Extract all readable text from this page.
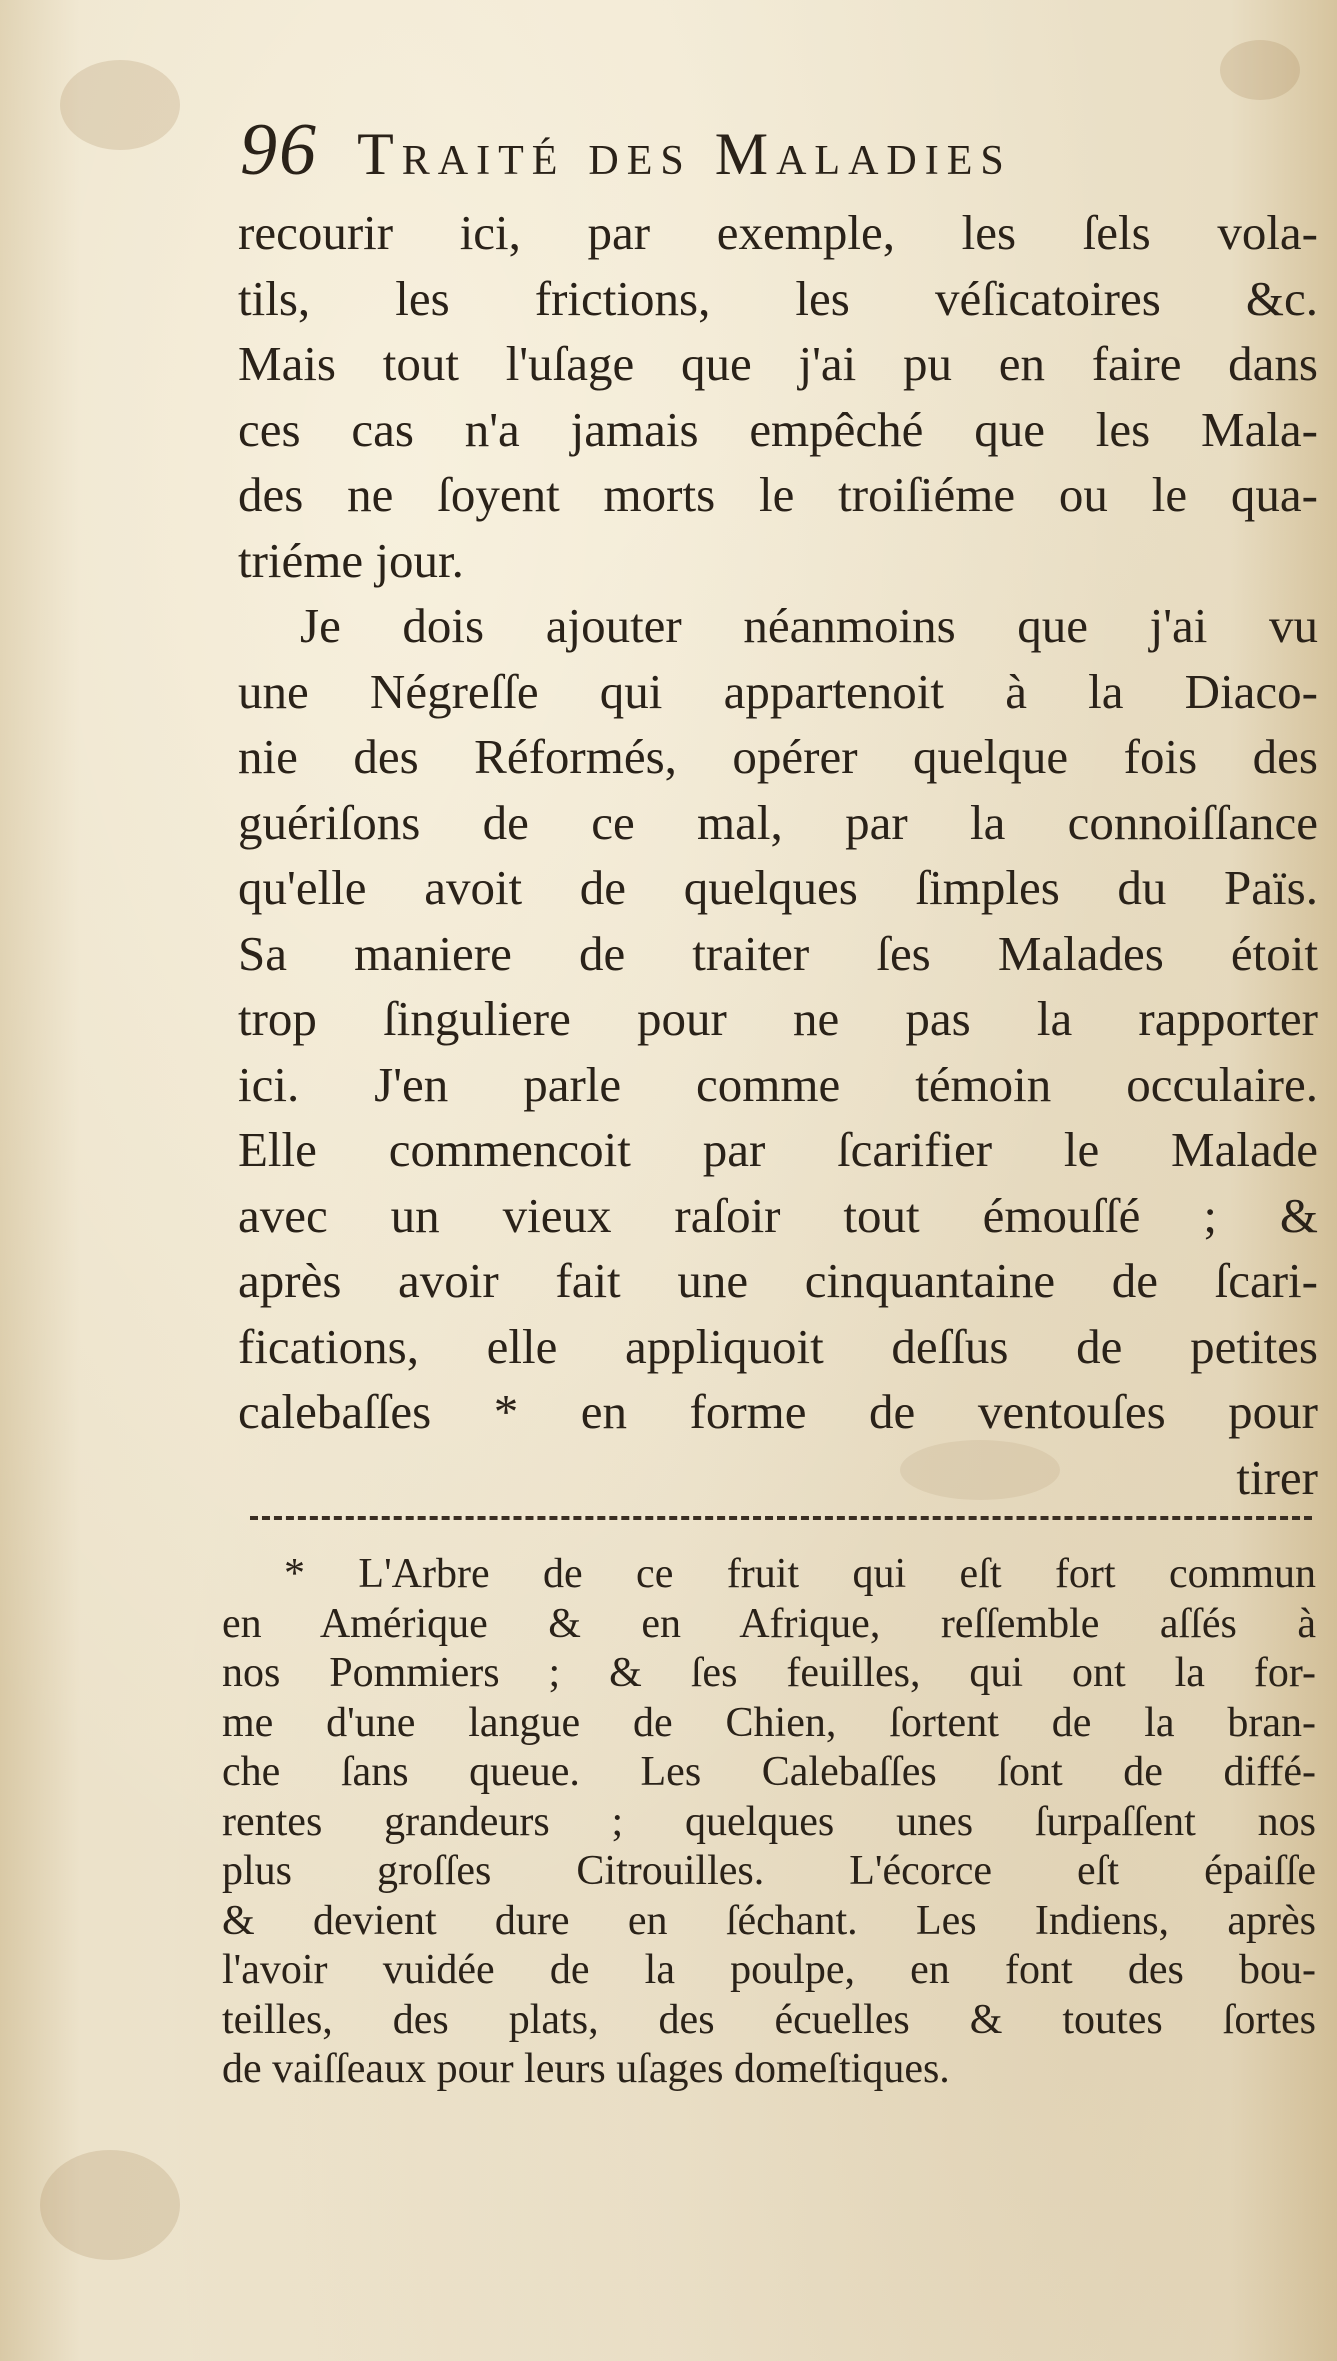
96 Traité des Maladies
recourir ici, par exemple, les ſels vola-
tils, les frictions, les véſicatoires &c.
Mais tout l'uſage que j'ai pu en faire dans
ces cas n'a jamais empêché que les Mala-
des ne ſoyent morts le troiſiéme ou le qua-
triéme jour.
Je dois ajouter néanmoins que j'ai vu
une Négreſſe qui appartenoit à la Diaco-
nie des Réformés, opérer quelque fois des
guériſons de ce mal, par la connoiſſance
qu'elle avoit de quelques ſimples du Païs.
Sa maniere de traiter ſes Malades étoit
trop ſinguliere pour ne pas la rapporter
ici. J'en parle comme témoin occulaire.
Elle commencoit par ſcarifier le Malade
avec un vieux raſoir tout émouſſé ; &
après avoir fait une cinquantaine de ſcari-
fications, elle appliquoit deſſus de petites
calebaſſes * en forme de ventouſes pour
tirer
* L'Arbre de ce fruit qui eſt fort commun
en Amérique & en Afrique, reſſemble aſſés à
nos Pommiers ; & ſes feuilles, qui ont la for-
me d'une langue de Chien, ſortent de la bran-
che ſans queue. Les Calebaſſes ſont de diffé-
rentes grandeurs ; quelques unes ſurpaſſent nos
plus groſſes Citrouilles. L'écorce eſt épaiſſe
& devient dure en ſéchant. Les Indiens, après
l'avoir vuidée de la poulpe, en font des bou-
teilles, des plats, des écuelles & toutes ſortes
de vaiſſeaux pour leurs uſages domeſtiques.
